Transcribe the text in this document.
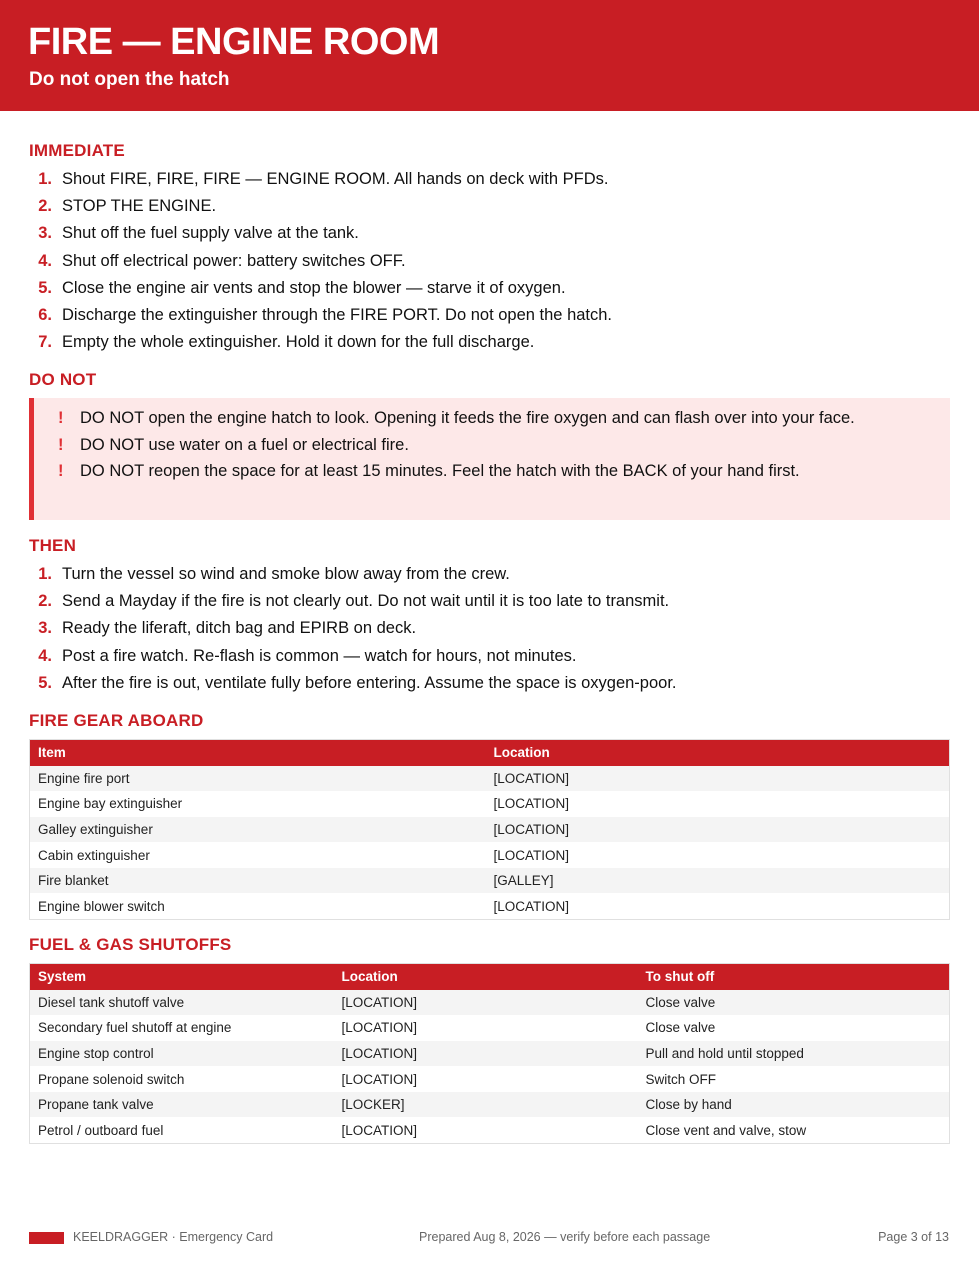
FIRE — ENGINE ROOM
Do not open the hatch
IMMEDIATE
1. Shout FIRE, FIRE, FIRE — ENGINE ROOM. All hands on deck with PFDs.
2. STOP THE ENGINE.
3. Shut off the fuel supply valve at the tank.
4. Shut off electrical power: battery switches OFF.
5. Close the engine air vents and stop the blower — starve it of oxygen.
6. Discharge the extinguisher through the FIRE PORT. Do not open the hatch.
7. Empty the whole extinguisher. Hold it down for the full discharge.
DO NOT
!	DO NOT open the engine hatch to look. Opening it feeds the fire oxygen and can flash over into your face.
!	DO NOT use water on a fuel or electrical fire.
!	DO NOT reopen the space for at least 15 minutes. Feel the hatch with the BACK of your hand first.
THEN
1. Turn the vessel so wind and smoke blow away from the crew.
2. Send a Mayday if the fire is not clearly out. Do not wait until it is too late to transmit.
3. Ready the liferaft, ditch bag and EPIRB on deck.
4. Post a fire watch. Re-flash is common — watch for hours, not minutes.
5. After the fire is out, ventilate fully before entering. Assume the space is oxygen-poor.
FIRE GEAR ABOARD
Item	Location
Engine fire port	[LOCATION]
Engine bay extinguisher	[LOCATION]
Galley extinguisher	[LOCATION]
Cabin extinguisher	[LOCATION]
Fire blanket	[GALLEY]
Engine blower switch	[LOCATION]
FUEL & GAS SHUTOFFS
System	Location	To shut off
Diesel tank shutoff valve	[LOCATION]	Close valve
Secondary fuel shutoff at engine	[LOCATION]	Close valve
Engine stop control	[LOCATION]	Pull and hold until stopped
Propane solenoid switch	[LOCATION]	Switch OFF
Propane tank valve	[LOCKER]	Close by hand
Petrol / outboard fuel	[LOCATION]	Close vent and valve, stow
KEELDRAGGER · Emergency Card	Prepared Aug 8, 2026 — verify before each passage	Page 3 of 13
